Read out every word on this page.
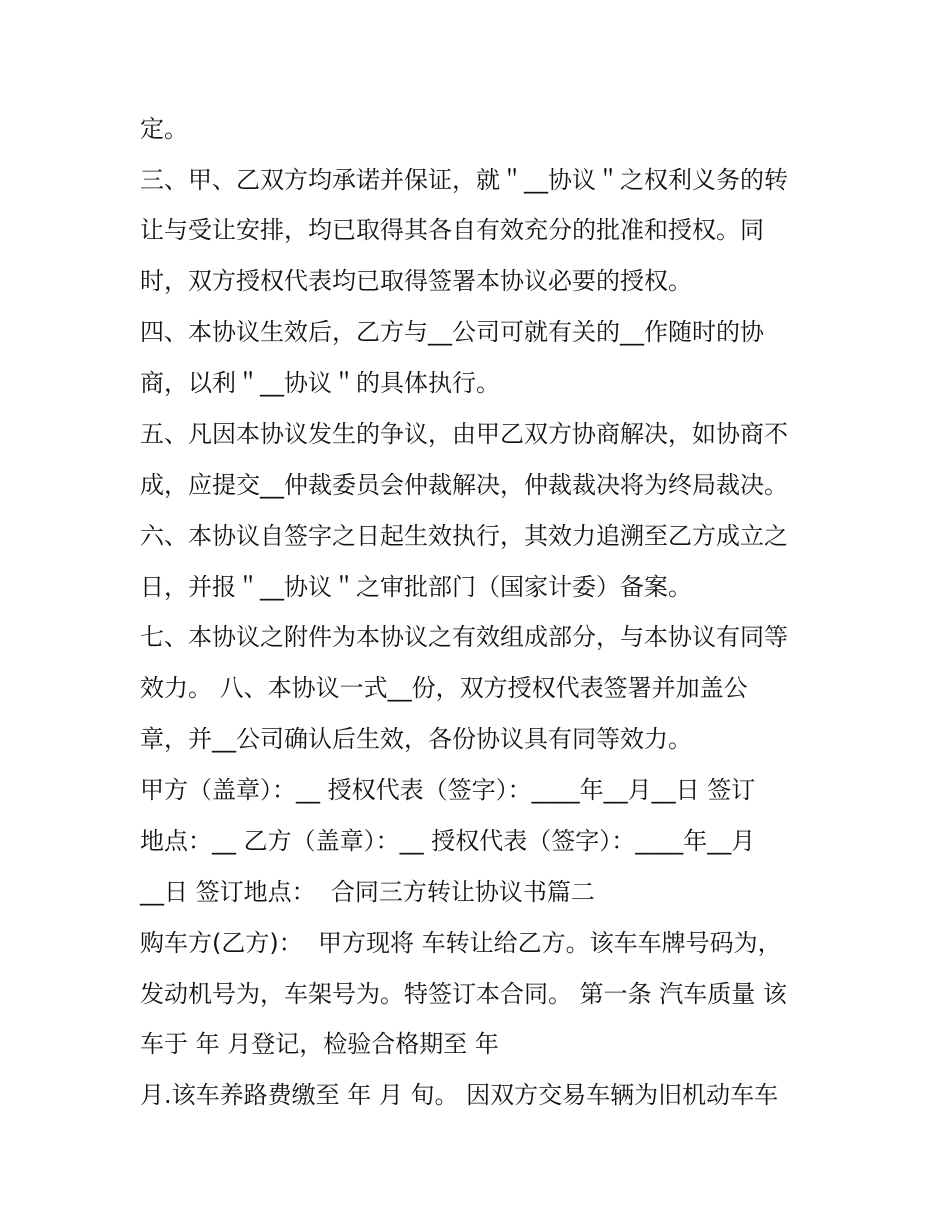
定。
三、甲、乙双方均承诺并保证，就＂__协议＂之权利义务的转
让与受让安排，均已取得其各自有效充分的批准和授权。同
时，双方授权代表均已取得签署本协议必要的授权。
四、本协议生效后，乙方与__公司可就有关的__作随时的协
商，以利＂__协议＂的具体执行。
五、凡因本协议发生的争议，由甲乙双方协商解决，如协商不
成，应提交__仲裁委员会仲裁解决，仲裁裁决将为终局裁决。
六、本协议自签字之日起生效执行，其效力追溯至乙方成立之
日，并报＂__协议＂之审批部门（国家计委）备案。
七、本协议之附件为本协议之有效组成部分，与本协议有同等
效力。 八、本协议一式__份，双方授权代表签署并加盖公
章，并__公司确认后生效，各份协议具有同等效力。
甲方（盖章）：__ 授权代表（签字）：____年__月__日 签订
地点：__ 乙方（盖章）：__ 授权代表（签字）：____年__月
__日 签订地点：  合同三方转让协议书篇二
购车方(乙方)：  甲方现将 车转让给乙方。该车车牌号码为，
发动机号为，车架号为。特签订本合同。 第一条 汽车质量 该
车于 年 月登记，检验合格期至 年
月.该车养路费缴至 年 月 旬。 因双方交易车辆为旧机动车车
